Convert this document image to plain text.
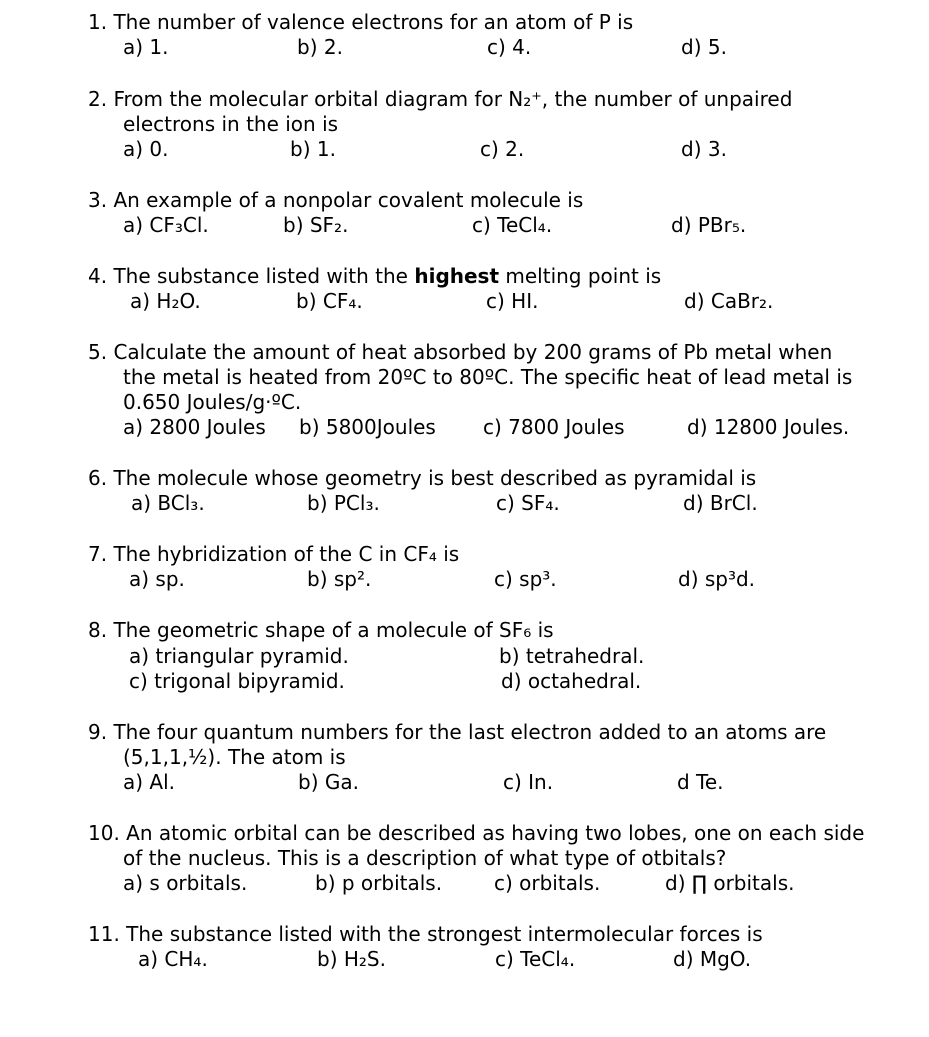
1. The number of valence electrons for an atom of P is
a) 1.	b) 2.	c) 4.	d) 5.
2. From the molecular orbital diagram for N₂⁺, the number of unpaired
electrons in the ion is
a) 0.	b) 1.	c) 2.	d) 3.
3. An example of a nonpolar covalent molecule is
a) CF₃Cl.	b) SF₂.	c) TeCl₄.	d) PBr₅.
4. The substance listed with the highest melting point is
a) H₂O.	b) CF₄.	c) HI.	d) CaBr₂.
5. Calculate the amount of heat absorbed by 200 grams of Pb metal when
the metal is heated from 20ºC to 80ºC. The specific heat of lead metal is
0.650 Joules/g·ºC.
a) 2800 Joules b) 5800Joules c) 7800 Joules	d) 12800 Joules.
6. The molecule whose geometry is best described as pyramidal is
a) BCl₃.	b) PCl₃.	c) SF₄.	d) BrCl.
7. The hybridization of the C in CF₄ is
a) sp.	b) sp².	c) sp³.	d) sp³d.
8. The geometric shape of a molecule of SF₆ is
a) triangular pyramid.	b) tetrahedral.
c) trigonal bipyramid.	d) octahedral.
9. The four quantum numbers for the last electron added to an atoms are
(5,1,1,½). The atom is
a) Al.	b) Ga.	c) In.	d Te.
10. An atomic orbital can be described as having two lobes, one on each side
of the nucleus. This is a description of what type of otbitals?
a) s orbitals.	b) p orbitals.	c) orbitals.	d) ∏ orbitals.
11. The substance listed with the strongest intermolecular forces is
a) CH₄.	b) H₂S.	c) TeCl₄.	d) MgO.
